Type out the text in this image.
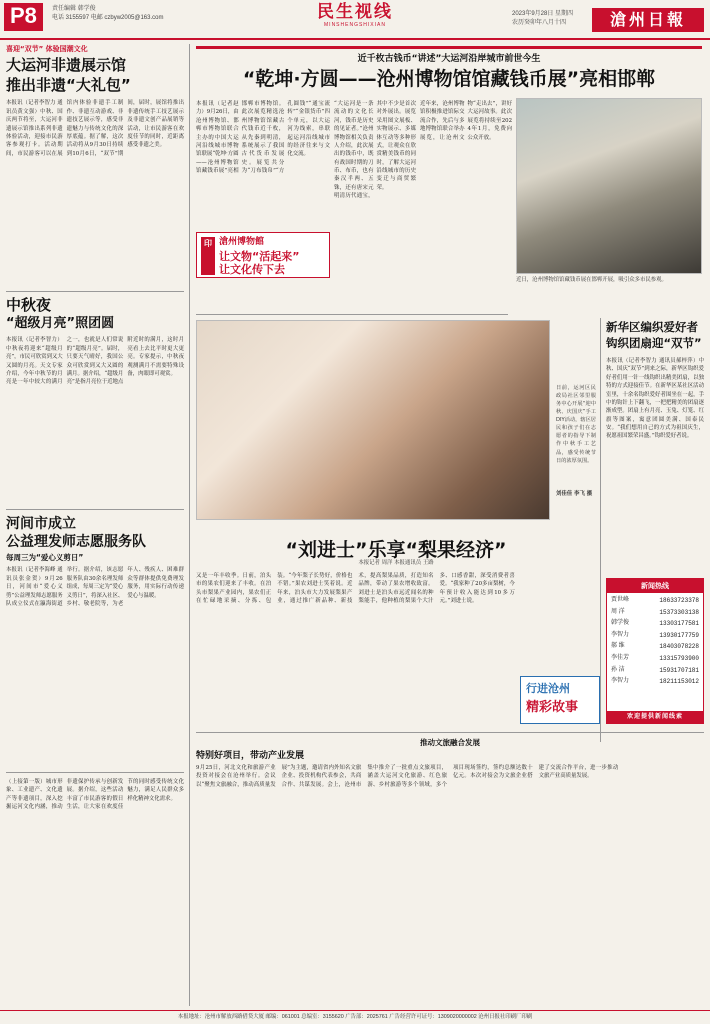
P8	责任编辑 韩学俊
电话 3155597 电邮 czbyw2005@163.com	民生视线
MINSHENGSHIXIAN
2023年9月28日 星期四
农历癸卯年八月十四	滄州日報
喜迎“双节” 体验国潮文化
大运河非遗展示馆
推出非遗“大礼包”
本报讯（记者李智力 通讯员黄文强）中秋、国庆两节将至，大运河非遗展示馆推出系列非遗体验活动，迎接市民游客参观打卡。活动期间，市民游客可以在展馆内体验非遗手工制作、非遗互动游戏、非遗技艺展示等，感受非遗魅力与传统文化的深厚底蕴。据了解，这次活动将从9月30日持续到10月6日，“双节”期间，届时，展馆将推出非遗传统手工技艺展示及非遗文创产品展销等活动，让市民游客在欢度佳节的同时，近距离感受非遗之美。
中秋夜
“超级月亮”照团圆
本报讯（记者李智力）中秋夜将迎来“超级月亮”，市民可欣赏到又大又圆的月亮。天文专家介绍，今年中秋节的月亮是一年中较大的满月之一，也就是人们常说的“超级月亮”。届时，只要天气晴好，我国公众可欣赏到又大又圆的满月。据介绍，“超级月亮”是指月亮位于近地点附近时的满月，这时月亮看上去比平时更大更亮。专家提示，中秋夜观测满月不需要特殊设备，肉眼即可观赏。
河间市成立
公益理发师志愿服务队
每周三为“爱心义剪日”
本报讯（记者李海峰 通讯员张金贺）9月26日，河间市“爱心义剪”公益理发师志愿服务队成立仪式在瀛海街道举行。据介绍，该志愿服务队由30余名理发师组成，每周三定为“爱心义剪日”，将深入社区、乡村、敬老院等，为老年人、残疾人、困难群众等群体提供免费理发服务，用实际行动传递爱心与温暖。
（上接第一版）城市形象、工业遗产、文化遗产等非遗项目，深入挖掘运河文化内涵，推动非遗保护传承与创新发展。据介绍，这些活动丰富了市民游客的假日生活，让大家在欢度佳节的同时感受传统文化魅力，满足人民群众多样化精神文化需求。
近千枚古钱币“讲述”大运河沿岸城市前世今生
“乾坤·方圆——沧州博物馆馆藏钱币展”亮相邯郸
本报讯（记者赵力）9月26日，由沧州博物馆、邯郸市博物馆联合主办的中国大运河沿线城市博物馆联展“乾坤·方圆——沧州博物馆馆藏钱币展”亮相邯郸市博物馆。此次展览精选沧州博物馆馆藏古代钱币近千枚，从先秦到明清，系统展示了我国古代货币发展史。展览共分为“刀布钱帛”“方孔圆钱”“通宝流转”“金银货币”四个单元，以大运河为线索，串联起运河沿线城市的经济往来与文化交流。
印 滄州博物館
让文物“活起来”
让文化传下去
“大运河是一条流动的文化长河，钱币是历史的见证者。”沧州博物馆相关负责人介绍，此次展出的钱币中，既有战国时期的刀币、布币，也有秦汉半两、五铢，还有唐宋元明清历代通宝，其中不少是首次对外展出。展览采用图文展板、实物展示、多媒体互动等多种形式，让观众在欣赏精美钱币的同时，了解大运河沿线城市的历史变迁与商贸繁荣。
近年来，沧州博物馆积极推进馆际交流合作，先后与多地博物馆联合举办展览，让沧州文物“走出去”，讲好大运河故事。此次展览将持续至2024年1月，免费向公众开放。
近日，沧州博物馆馆藏钱币展在邯郸开展，吸引众多市民参观。
日前，运河区民政局社区邻里服务中心开展“迎中秋、庆国庆”手工DIY活动，辖区居民和孩子们在志愿者的指导下制作中秋手工艺品，感受传统节日的浓厚氛围。
刘佳佳 李飞 摄
“刘进士”乐享“梨果经济”
本报记者 周洋 本报通讯员 王路
又是一年丰收季。日前，泊头市的果农们迎来了丰收。在泊头市梨果产业园内，果农们正在忙碌地采摘、分拣、包装。“今年梨子长势好，价格也不错。”果农刘进士笑着说。近年来，泊头市大力发展梨果产业，通过推广新品种、新技术，提高梨果品质，打造知名品牌，带动了果农增收致富。刘进士是泊头市远近闻名的种梨能手，他种植的梨果个大汁多、口感香甜，深受消费者喜爱。“我家种了20多亩梨树，今年预计收入能达到10多万元。”刘进士说。
新华区编织爱好者
钩织团扇迎“双节”
本报讯（记者李智力 通讯员郝梓萍）中秋、国庆“双节”到来之际，新华区钩织爱好者们用一针一线钩织出精美团扇，以独特的方式迎接佳节。在新华区某社区活动室里，十余名钩织爱好者围坐在一起，手中的钩针上下翻飞，一把把精美的团扇逐渐成型。团扇上有月亮、玉兔、灯笼、红旗等图案，寓意团圆美满、国泰民安。“我们想用自己的方式为祖国庆生，祝愿祖国繁荣昌盛。”钩织爱好者说。
新闻热线
贾世峰	18633723378
周 洋	15373303138
韩学俊	13303177581
李智力	13930177759
郝 维	18403078228
李佳芳	13315793900
孙 洁	15931707181
李智力	18211153012
欢迎提供新闻线索
行进沧州
精彩故事
推动文旅融合发展
特别好项目，带动产业发展
9月25日，河北文化和旅游产业投资对接会在沧州举行。会议以“聚焦文旅融合，推动高质量发展”为主题，邀请省内外知名文旅企业、投资机构代表参会，共商合作、共谋发展。会上，沧州市集中推介了一批重点文旅项目，涵盖大运河文化旅游、红色旅游、乡村旅游等多个领域，多个项目现场签约，签约总额达数十亿元。本次对接会为文旅企业搭建了交流合作平台，进一步推动文旅产业高质量发展。
本报地址：沧州市解放西路借贷大厦 邮编：061001 总编室：3155620 广告部：2025761 广告经营许可证号：1309020000002 沧州日报社印刷厂印刷
